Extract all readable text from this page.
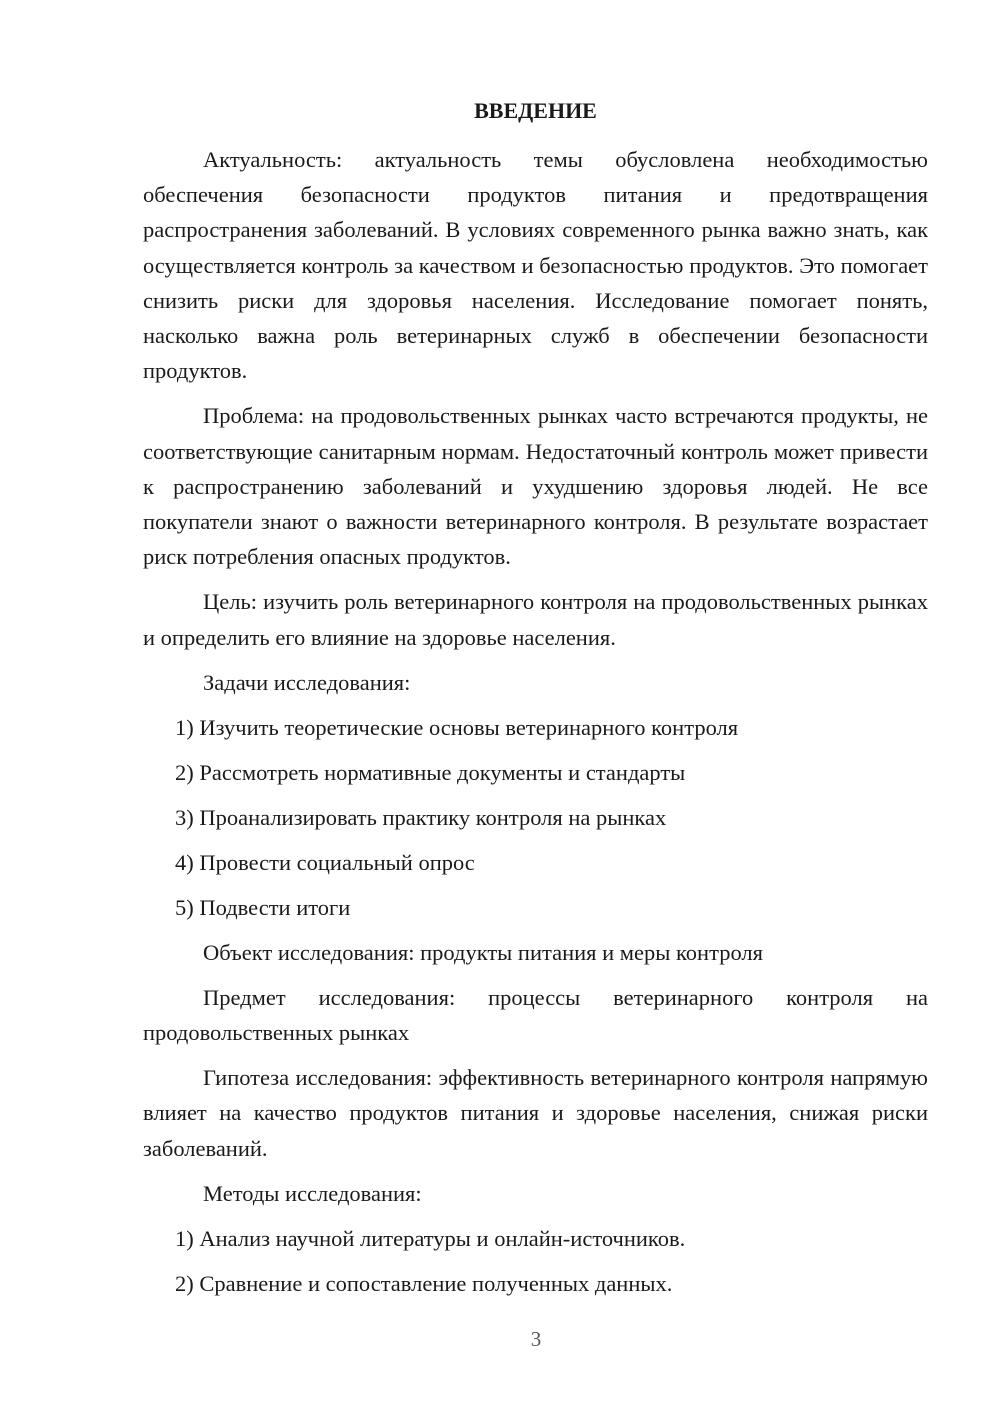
ВВЕДЕНИЕ

Актуальность: актуальность темы обусловлена необходимостью обеспечения безопасности продуктов питания и предотвращения распространения заболеваний. В условиях современного рынка важно знать, как осуществляется контроль за качеством и безопасностью продуктов. Это помогает снизить риски для здоровья населения. Исследование помогает понять, насколько важна роль ветеринарных служб в обеспечении безопасности продуктов.

Проблема: на продовольственных рынках часто встречаются продукты, не соответствующие санитарным нормам. Недостаточный контроль может привести к распространению заболеваний и ухудшению здоровья людей. Не все покупатели знают о важности ветеринарного контроля. В результате возрастает риск потребления опасных продуктов.

Цель: изучить роль ветеринарного контроля на продовольственных рынках и определить его влияние на здоровье населения.

Задачи исследования:
1) Изучить теоретические основы ветеринарного контроля
2) Рассмотреть нормативные документы и стандарты
3) Проанализировать практику контроля на рынках
4) Провести социальный опрос
5) Подвести итоги
Объект исследования: продукты питания и меры контроля

Предмет исследования: процессы ветеринарного контроля на продовольственных рынках

Гипотеза исследования: эффективность ветеринарного контроля напрямую влияет на качество продуктов питания и здоровье населения, снижая риски заболеваний.

Методы исследования:
1) Анализ научной литературы и онлайн-источников.
2) Сравнение и сопоставление полученных данных.
3
